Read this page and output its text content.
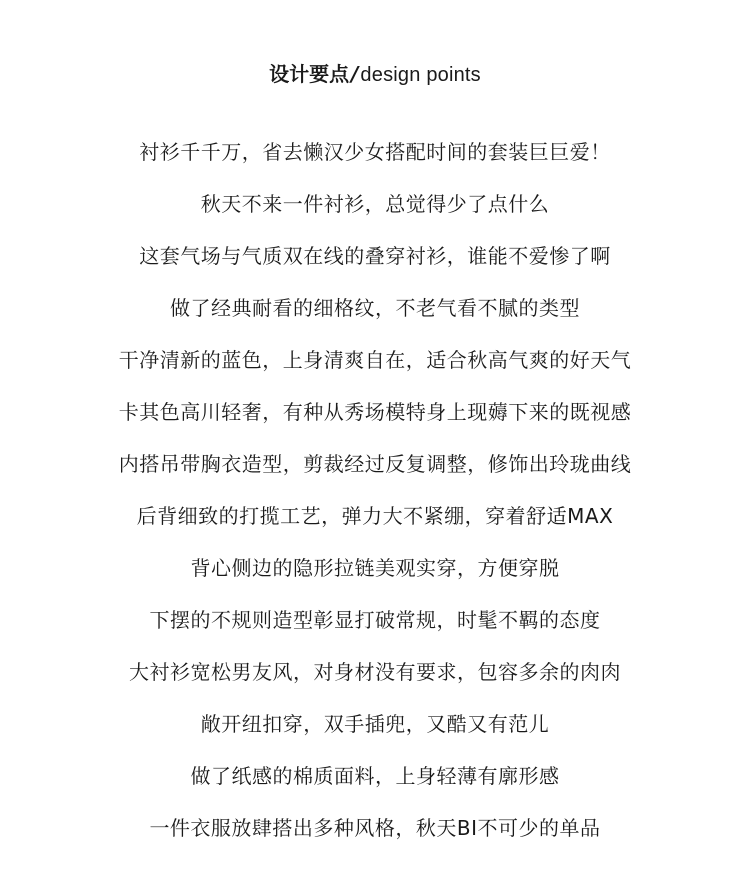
设计要点 / design points
衬衫千千万，省去懒汉少女搭配时间的套装巨巨爱！
秋天不来一件衬衫，总觉得少了点什么
这套气场与气质双在线的叠穿衬衫，谁能不爱惨了啊
做了经典耐看的细格纹，不老气看不腻的类型
干净清新的蓝色，上身清爽自在，适合秋高气爽的好天气
卡其色高川轻奢，有种从秀场模特身上现薅下来的既视感
内搭吊带胸衣造型，剪裁经过反复调整，修饰出玲珑曲线
后背细致的打揽工艺，弹力大不紧绷，穿着舒适MAX
背心侧边的隐形拉链美观实穿，方便穿脱
下摆的不规则造型彰显打破常规，时髦不羁的态度
大衬衫宽松男友风，对身材没有要求，包容多余的肉肉
敞开纽扣穿，双手插兜，又酷又有范儿
做了纸感的棉质面料，上身轻薄有廓形感
一件衣服放肆搭出多种风格，秋天BI不可少的单品
